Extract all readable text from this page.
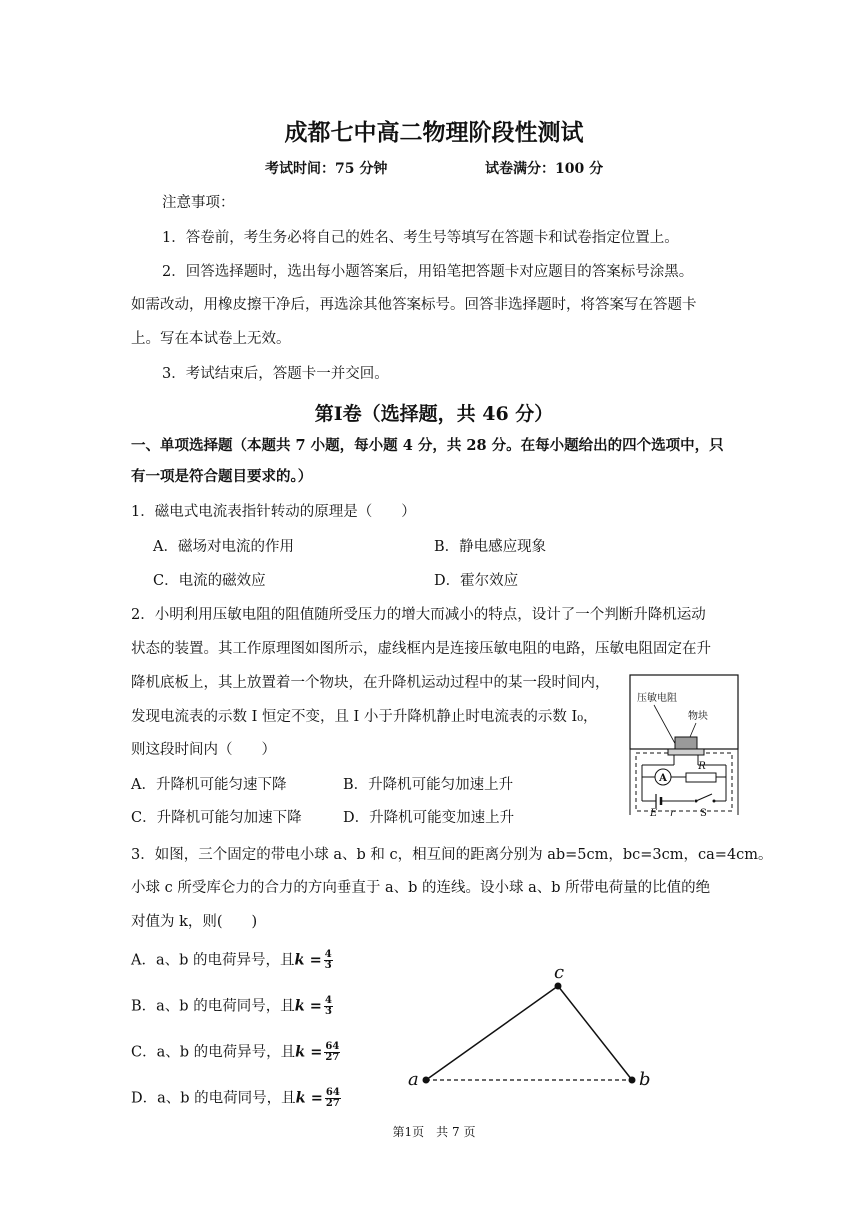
成都七中高二物理阶段性测试
考试时间：75 分钟	试卷满分：100 分
注意事项：
1．答卷前，考生务必将自己的姓名、考生号等填写在答题卡和试卷指定位置上。
2．回答选择题时，选出每小题答案后，用铅笔把答题卡对应题目的答案标号涂黑。
如需改动，用橡皮擦干净后，再选涂其他答案标号。回答非选择题时，将答案写在答题卡
上。写在本试卷上无效。
3．考试结束后，答题卡一并交回。
第I卷（选择题，共 46 分）
一、单项选择题（本题共 7 小题，每小题 4 分，共 28 分。在每小题给出的四个选项中，只
有一项是符合题目要求的。）
1．磁电式电流表指针转动的原理是（　　）
A．磁场对电流的作用	B．静电感应现象
C．电流的磁效应	D．霍尔效应
2．小明利用压敏电阻的阻值随所受压力的增大而减小的特点，设计了一个判断升降机运动
状态的装置。其工作原理图如图所示，虚线框内是连接压敏电阻的电路，压敏电阻固定在升
降机底板上，其上放置着一个物块，在升降机运动过程中的某一段时间内，
发现电流表的示数 I 恒定不变，且 I 小于升降机静止时电流表的示数 I₀，
则这段时间内（　　）
A．升降机可能匀速下降	B．升降机可能匀加速上升
C．升降机可能匀加速下降	D．升降机可能变加速上升
压敏电阻
物块
A
R
E r	S
3．如图，三个固定的带电小球 a、b 和 c，相互间的距离分别为 ab=5cm，bc=3cm，ca=4cm。
小球 c 所受库仑力的合力的方向垂直于 a、b 的连线。设小球 a、b 所带电荷量的比值的绝
对值为 k，则(　　)
A．a、b 的电荷异号，且$k = \frac{4}{3}$
B．a、b 的电荷同号，且$k = \frac{4}{3}$
C．a、b 的电荷异号，且$k = \frac{64}{27}$
D．a、b 的电荷同号，且$k = \frac{64}{27}$
a	b
c
第1页　共 7 页
